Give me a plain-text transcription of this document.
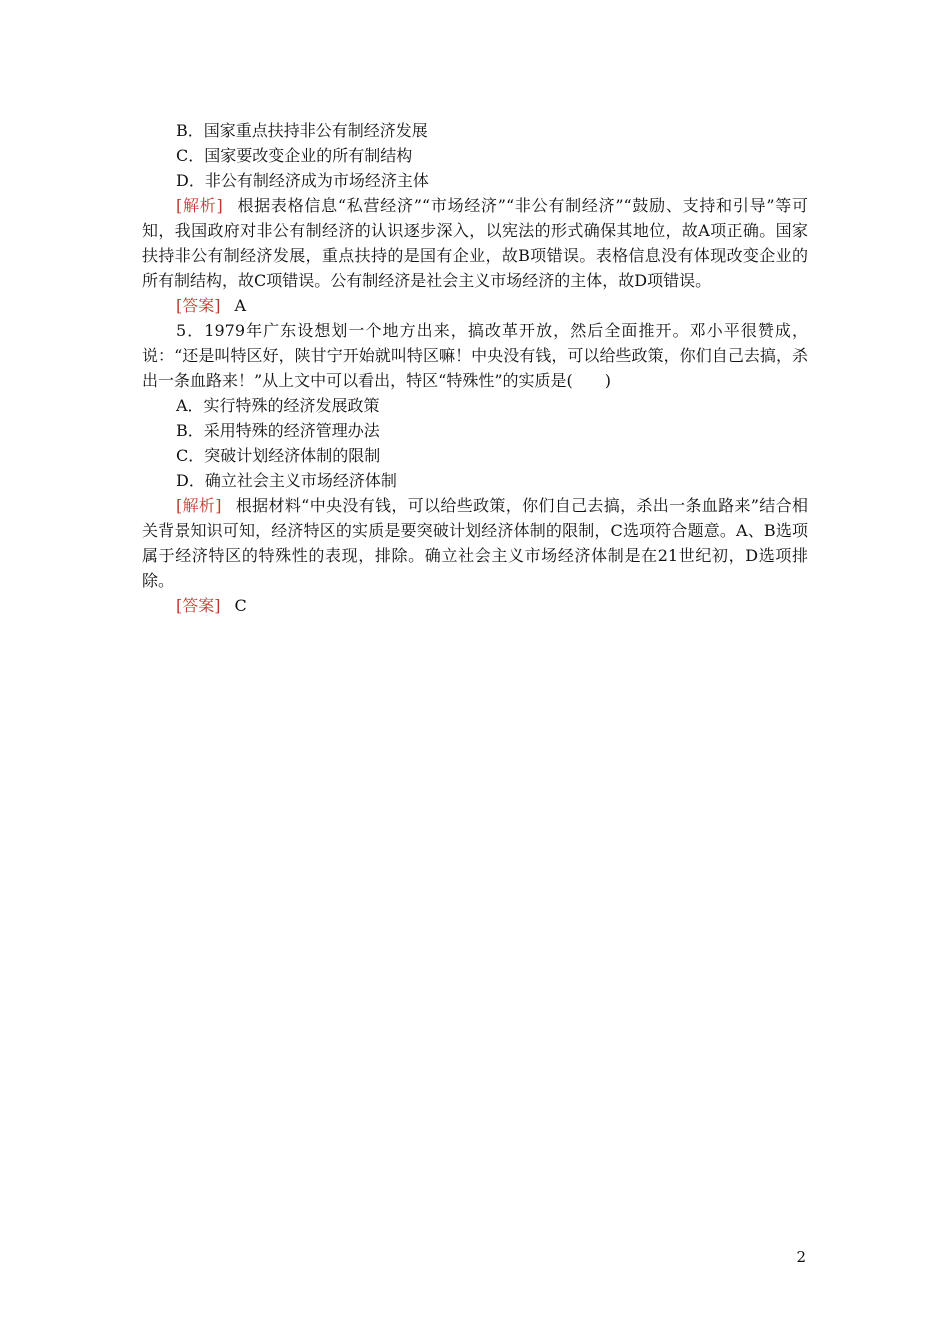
B．国家重点扶持非公有制经济发展

C．国家要改变企业的所有制结构

D．非公有制经济成为市场经济主体

[解析] 根据表格信息“私营经济”“市场经济”“非公有制经济”“鼓励、支持和引导”等可知，我国政府对非公有制经济的认识逐步深入，以宪法的形式确保其地位，故A项正确。国家扶持非公有制经济发展，重点扶持的是国有企业，故B项错误。表格信息没有体现改变企业的所有制结构，故C项错误。公有制经济是社会主义市场经济的主体，故D项错误。

[答案] A

5．1979年广东设想划一个地方出来，搞改革开放，然后全面推开。邓小平很赞成，说：“还是叫特区好，陕甘宁开始就叫特区嘛！中央没有钱，可以给些政策，你们自己去搞，杀出一条血路来！”从上文中可以看出，特区“特殊性”的实质是(　　)

A．实行特殊的经济发展政策

B．采用特殊的经济管理办法

C．突破计划经济体制的限制

D．确立社会主义市场经济体制

[解析] 根据材料“中央没有钱，可以给些政策，你们自己去搞，杀出一条血路来”结合相关背景知识可知，经济特区的实质是要突破计划经济体制的限制，C选项符合题意。A、B选项属于经济特区的特殊性的表现，排除。确立社会主义市场经济体制是在21世纪初，D选项排除。

[答案] C

2
